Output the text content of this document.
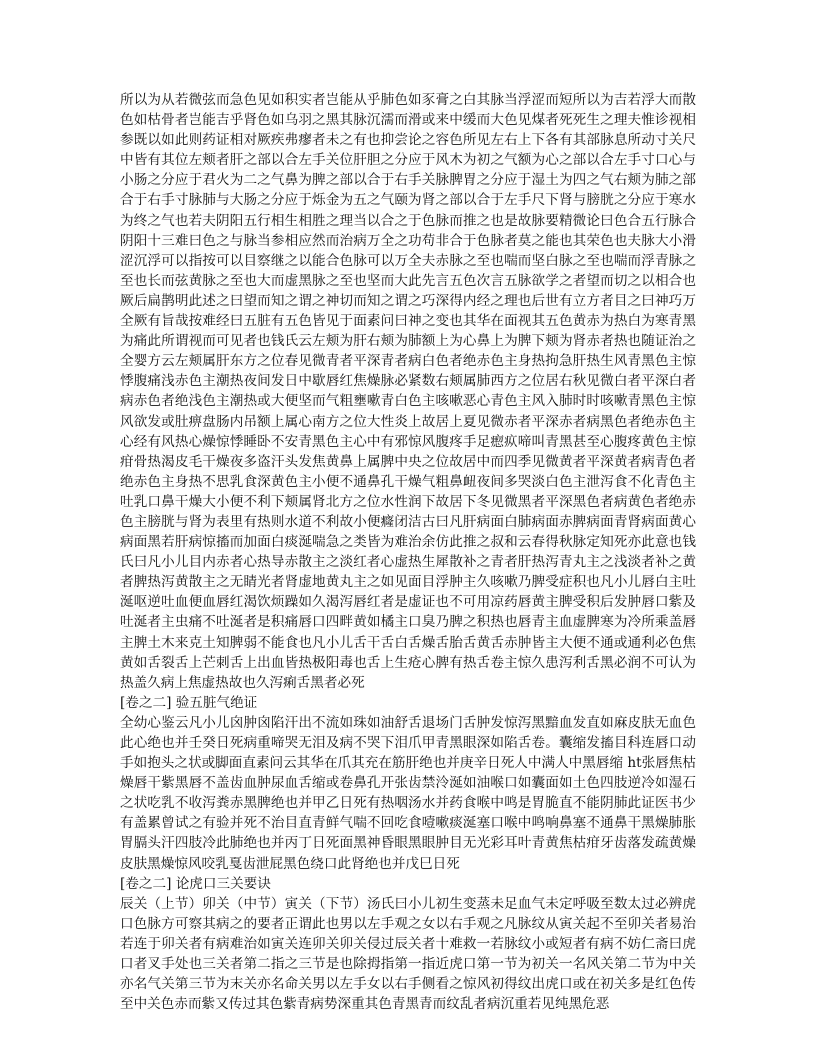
所以为从若微弦而急色见如积实者岂能从乎肺色如豕膏之白其脉当浮涩而短所以为吉若浮大而散色如枯骨者岂能吉乎肾色如乌羽之黑其脉沉濡而滑或来中缓而大色见煤者死死生之理夫惟诊视相参既以如此则药证相对厥疾弗瘳者未之有也抑尝论之容色所见左右上下各有其部脉息所动寸关尺中皆有其位左颊者肝之部以合左手关位肝胆之分应于风木为初之气额为心之部以合左手寸口心与小肠之分应于君火为二之气鼻为脾之部以合于右手关脉脾胃之分应于湿土为四之气右颊为肺之部合于右手寸脉肺与大肠之分应于烁金为五之气颐为肾之部以合于左手尺下肾与膀胱之分应于寒水为终之气也若夫阴阳五行相生相胜之理当以合之于色脉而推之也是故脉要精微论曰色合五行脉合阴阳十三难曰色之与脉当参相应然而治病万全之功苟非合于色脉者莫之能也其荣色也夫脉大小滑涩沉浮可以指按可以目察继之以能合色脉可以万全夫赤脉之至也喘而坚白脉之至也喘而浮青脉之至也长而弦黄脉之至也大而虚黑脉之至也坚而大此先言五色次言五脉欲学之者望而切之以相合也厥后扁鹊明此述之曰望而知之谓之神切而知之谓之巧深得内经之理也后世有立方者目之曰神巧万全厥有旨哉按难经曰五脏有五色皆见于面素问曰神之变也其华在面视其五色黄赤为热白为寒青黑为痛此所谓视而可见者也钱氏云左颊为肝右颊为肺额上为心鼻上为脾下颊为肾赤者热也随证治之全婴方云左颊属肝东方之位春见微青者平深青者病白色者绝赤色主身热拘急肝热生风青黑色主惊悸腹痛浅赤色主潮热夜间发日中歇唇红焦燥脉必紧数右颊属肺西方之位居右秋见微白者平深白者病赤色者绝浅色主潮热或大便坚而气粗壅嗽青白色主咳嗽恶心青色主风入肺时时咳嗽青黑色主惊风欲发或肚痹盘肠内吊额上属心南方之位大性炎上故居上夏见微赤者平深赤者病黑色者绝赤色主心经有风热心燥惊悸睡卧不安青黑色主心中有邪惊风腹疼手足瘛疭啼叫青黑甚至心腹疼黄色主惊疳骨热渴皮毛干燥夜多盗汗头发焦黄鼻上属脾中央之位故居中而四季见微黄者平深黄者病青色者绝赤色主身热不思乳食深黄色主小便不通鼻孔干燥气粗鼻衄夜间多哭淡白色主泄泻食不化青色主吐乳口鼻干燥大小便不利下颊属肾北方之位水性润下故居下冬见微黑者平深黑色者病黄色者绝赤色主膀胱与肾为表里有热则水道不利故小便癃闭洁古曰凡肝病面白肺病面赤脾病面青肾病面黄心病面黑若肝病惊搐而加面白痰涎喘急之类皆为难治余仿此推之叔和云春得秋脉定知死亦此意也钱氏曰凡小儿目内赤者心热导赤散主之淡红者心虚热生犀散补之青者肝热泻青丸主之浅淡者补之黄者脾热泻黄散主之无睛光者肾虚地黄丸主之如见面目浮肿主久咳嗽乃脾受症积也凡小儿唇白主吐涎呕逆吐血便血唇红渴饮烦躁如久渴泻唇红者是虚证也不可用凉药唇黄主脾受积后发肿唇口紫及吐涎者主虫痛不吐涎者是积痛唇口四畔黄如橘主口臭乃脾之积热也唇青主血虚脾寒为冷所乘盖唇主脾土木来克土知脾弱不能食也凡小儿舌干舌白舌燥舌胎舌黄舌赤肿皆主大便不通或通利必色焦黄如舌裂舌上芒刺舌上出血皆热极阳毒也舌上生疮心脾有热舌卷主惊久患泻利舌黑必润不可认为热盖久病上焦虚热故也久泻痢舌黑者必死

[卷之二] 验五脏气绝证

全幼心鉴云凡小儿囟肿囟陷汗出不流如珠如油舒舌退场门舌肿发惊泻黑黯血发直如麻皮肤无血色此心绝也并壬癸日死病重啼哭无泪及病不哭下泪爪甲青黑眼深如陷舌卷。囊缩发搐目科连唇口动手如抱头之状或脚面直素问云其华在爪其充在筋肝绝也并庚辛日死人中满人中黑唇缩 ht张唇焦枯燥唇干紫黑唇不盖齿血肿尿血舌缩或卷鼻孔开张齿禁泠涎如油喉口如囊面如土色四肢逆冷如湿石之状吃乳不收泻粪赤黑脾绝也并甲乙日死有热咽汤水并药食喉中鸣是胃脆直不能阴肺此证医书少有盖累曾试之有验并死不治目直青鲜气喘不回吃食噎嗽痰涎塞口喉中鸣响鼻塞不通鼻干黑燥肺胀胃膈头汗四肢冷此肺绝也并丙丁日死面黑神昏眼黑眼肿目无光彩耳叶青黄焦枯疳牙齿落发疏黄燥皮肤黑燥惊风咬乳戛齿泄屁黑色绕口此肾绝也并戊巳日死

[卷之二] 论虎口三关要诀

辰关（上节）卯关（中节）寅关（下节）汤氏曰小儿初生变蒸未足血气未定呼吸至数太过必辨虎口色脉方可察其病之的要者正谓此也男以左手观之女以右手观之凡脉纹从寅关起不至卯关者易治若连于卯关者有病难治如寅关连卯关卯关侵过辰关者十难救一若脉纹小或短者有病不妨仁斋曰虎口者叉手处也三关者第二指之三节是也除拇指第一指近虎口第一节为初关一名风关第二节为中关亦名气关第三节为末关亦名命关男以左手女以右手侧看之惊风初得纹出虎口或在初关多是红色传至中关色赤而紫又传过其色紫青病势深重其色青黑青而纹乱者病沉重若见纯黑危恶
